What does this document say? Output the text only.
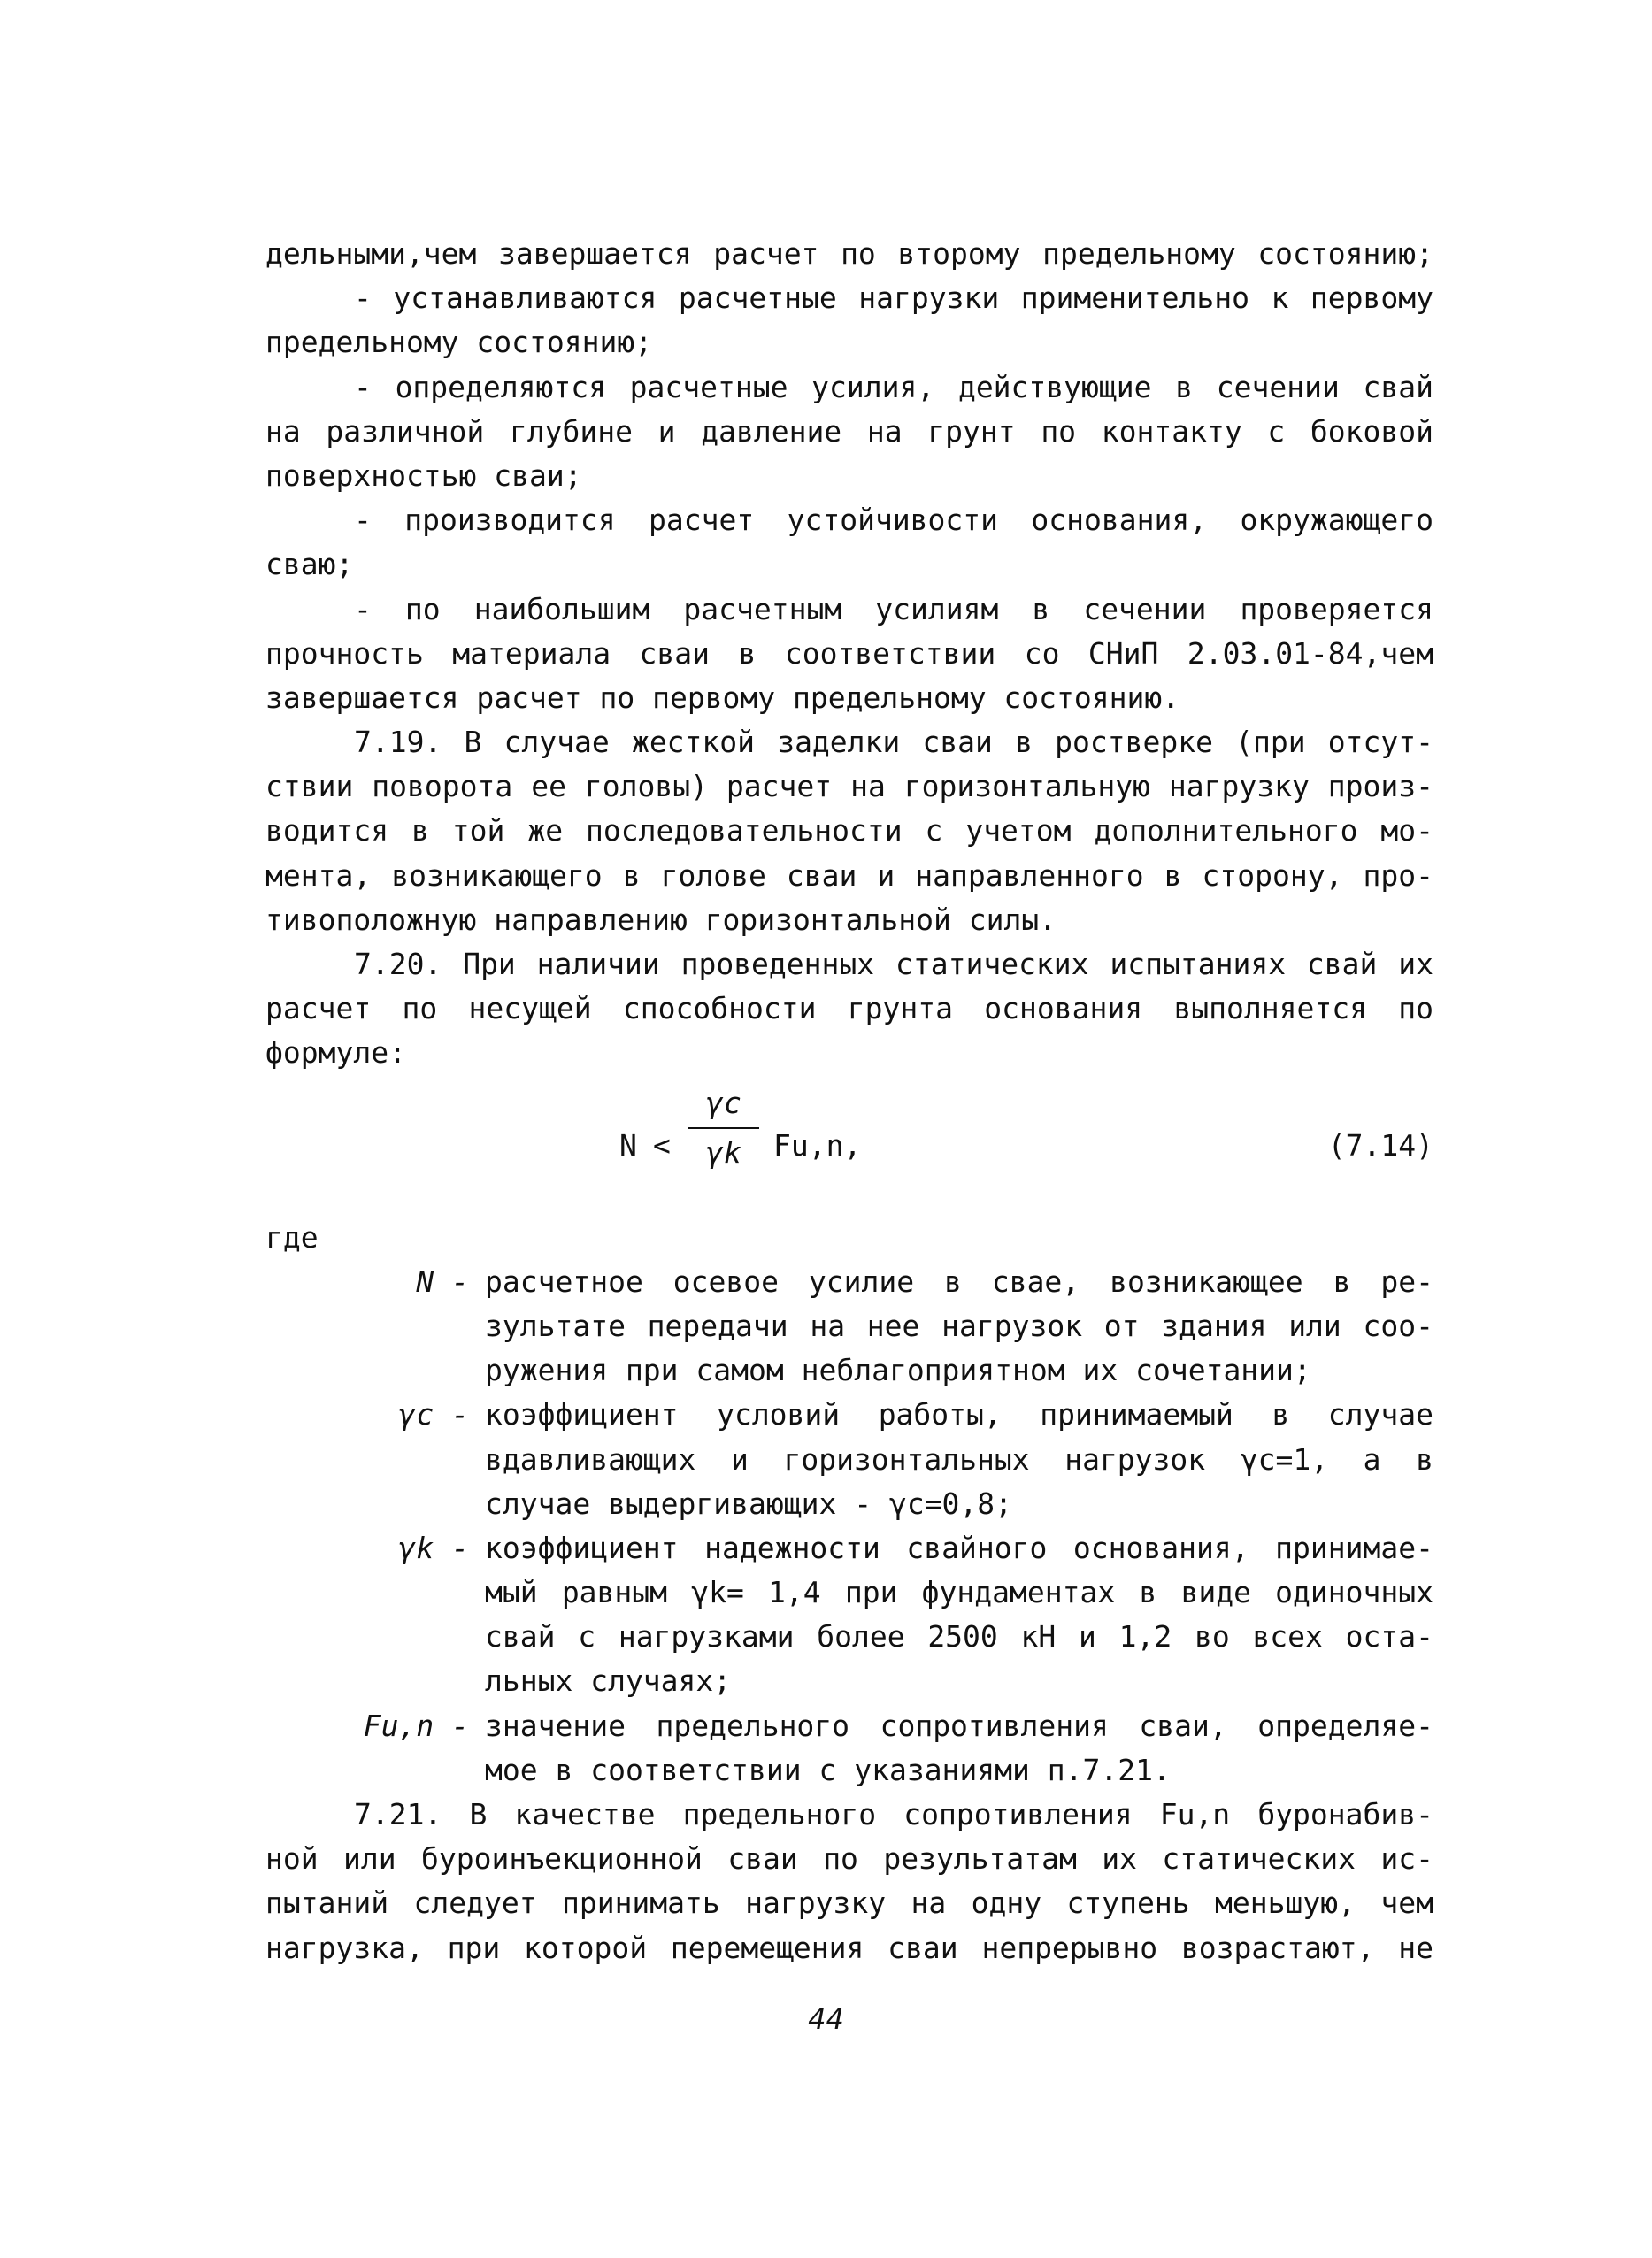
дельными,чем завершается расчет по второму предельному состоянию;
- устанавливаются расчетные нагрузки применительно к первому
предельному состоянию;
- определяются расчетные усилия, действующие в сечении свай
на различной глубине и давление на грунт по контакту с боковой
поверхностью сваи;
- производится расчет устойчивости основания, окружающего
сваю;
- по наибольшим расчетным усилиям в сечении проверяется
прочность материала сваи в соответствии со СНиП 2.03.01-84,чем
завершается расчет по первому предельному состоянию.
7.19. В случае жесткой заделки сваи в ростверке (при отсут-
ствии поворота ее головы) расчет на горизонтальную нагрузку произ-
водится в той же последовательности с учетом дополнительного мо-
мента, возникающего в голове сваи и направленного в сторону, про-
тивоположную направлению горизонтальной силы.
7.20. При наличии проведенных статических испытаниях свай их
расчет по несущей способности грунта основания выполняется по
формуле:
N <
γc
γk	Fu,n,	(7.14)
где
N - расчетное осевое усилие в свае, возникающее в ре-
зультате передачи на нее нагрузок от здания или соо-
ружения при самом неблагоприятном их сочетании;
γc - коэффициент условий работы, принимаемый в случае
вдавливающих и горизонтальных нагрузок γc=1, а в
случае выдергивающих - γc=0,8;
γk - коэффициент надежности свайного основания, принимае-
мый равным γk= 1,4 при фундаментах в виде одиночных
свай с нагрузками более 2500 кН и 1,2 во всех оста-
льных случаях;
Fu,n - значение предельного сопротивления сваи, определяе-
мое в соответствии с указаниями п.7.21.
7.21. В качестве предельного сопротивления Fu,n буронабив-
ной или буроинъекционной сваи по результатам их статических ис-
пытаний следует принимать нагрузку на одну ступень меньшую, чем
нагрузка, при которой перемещения сваи непрерывно возрастают, не
44
